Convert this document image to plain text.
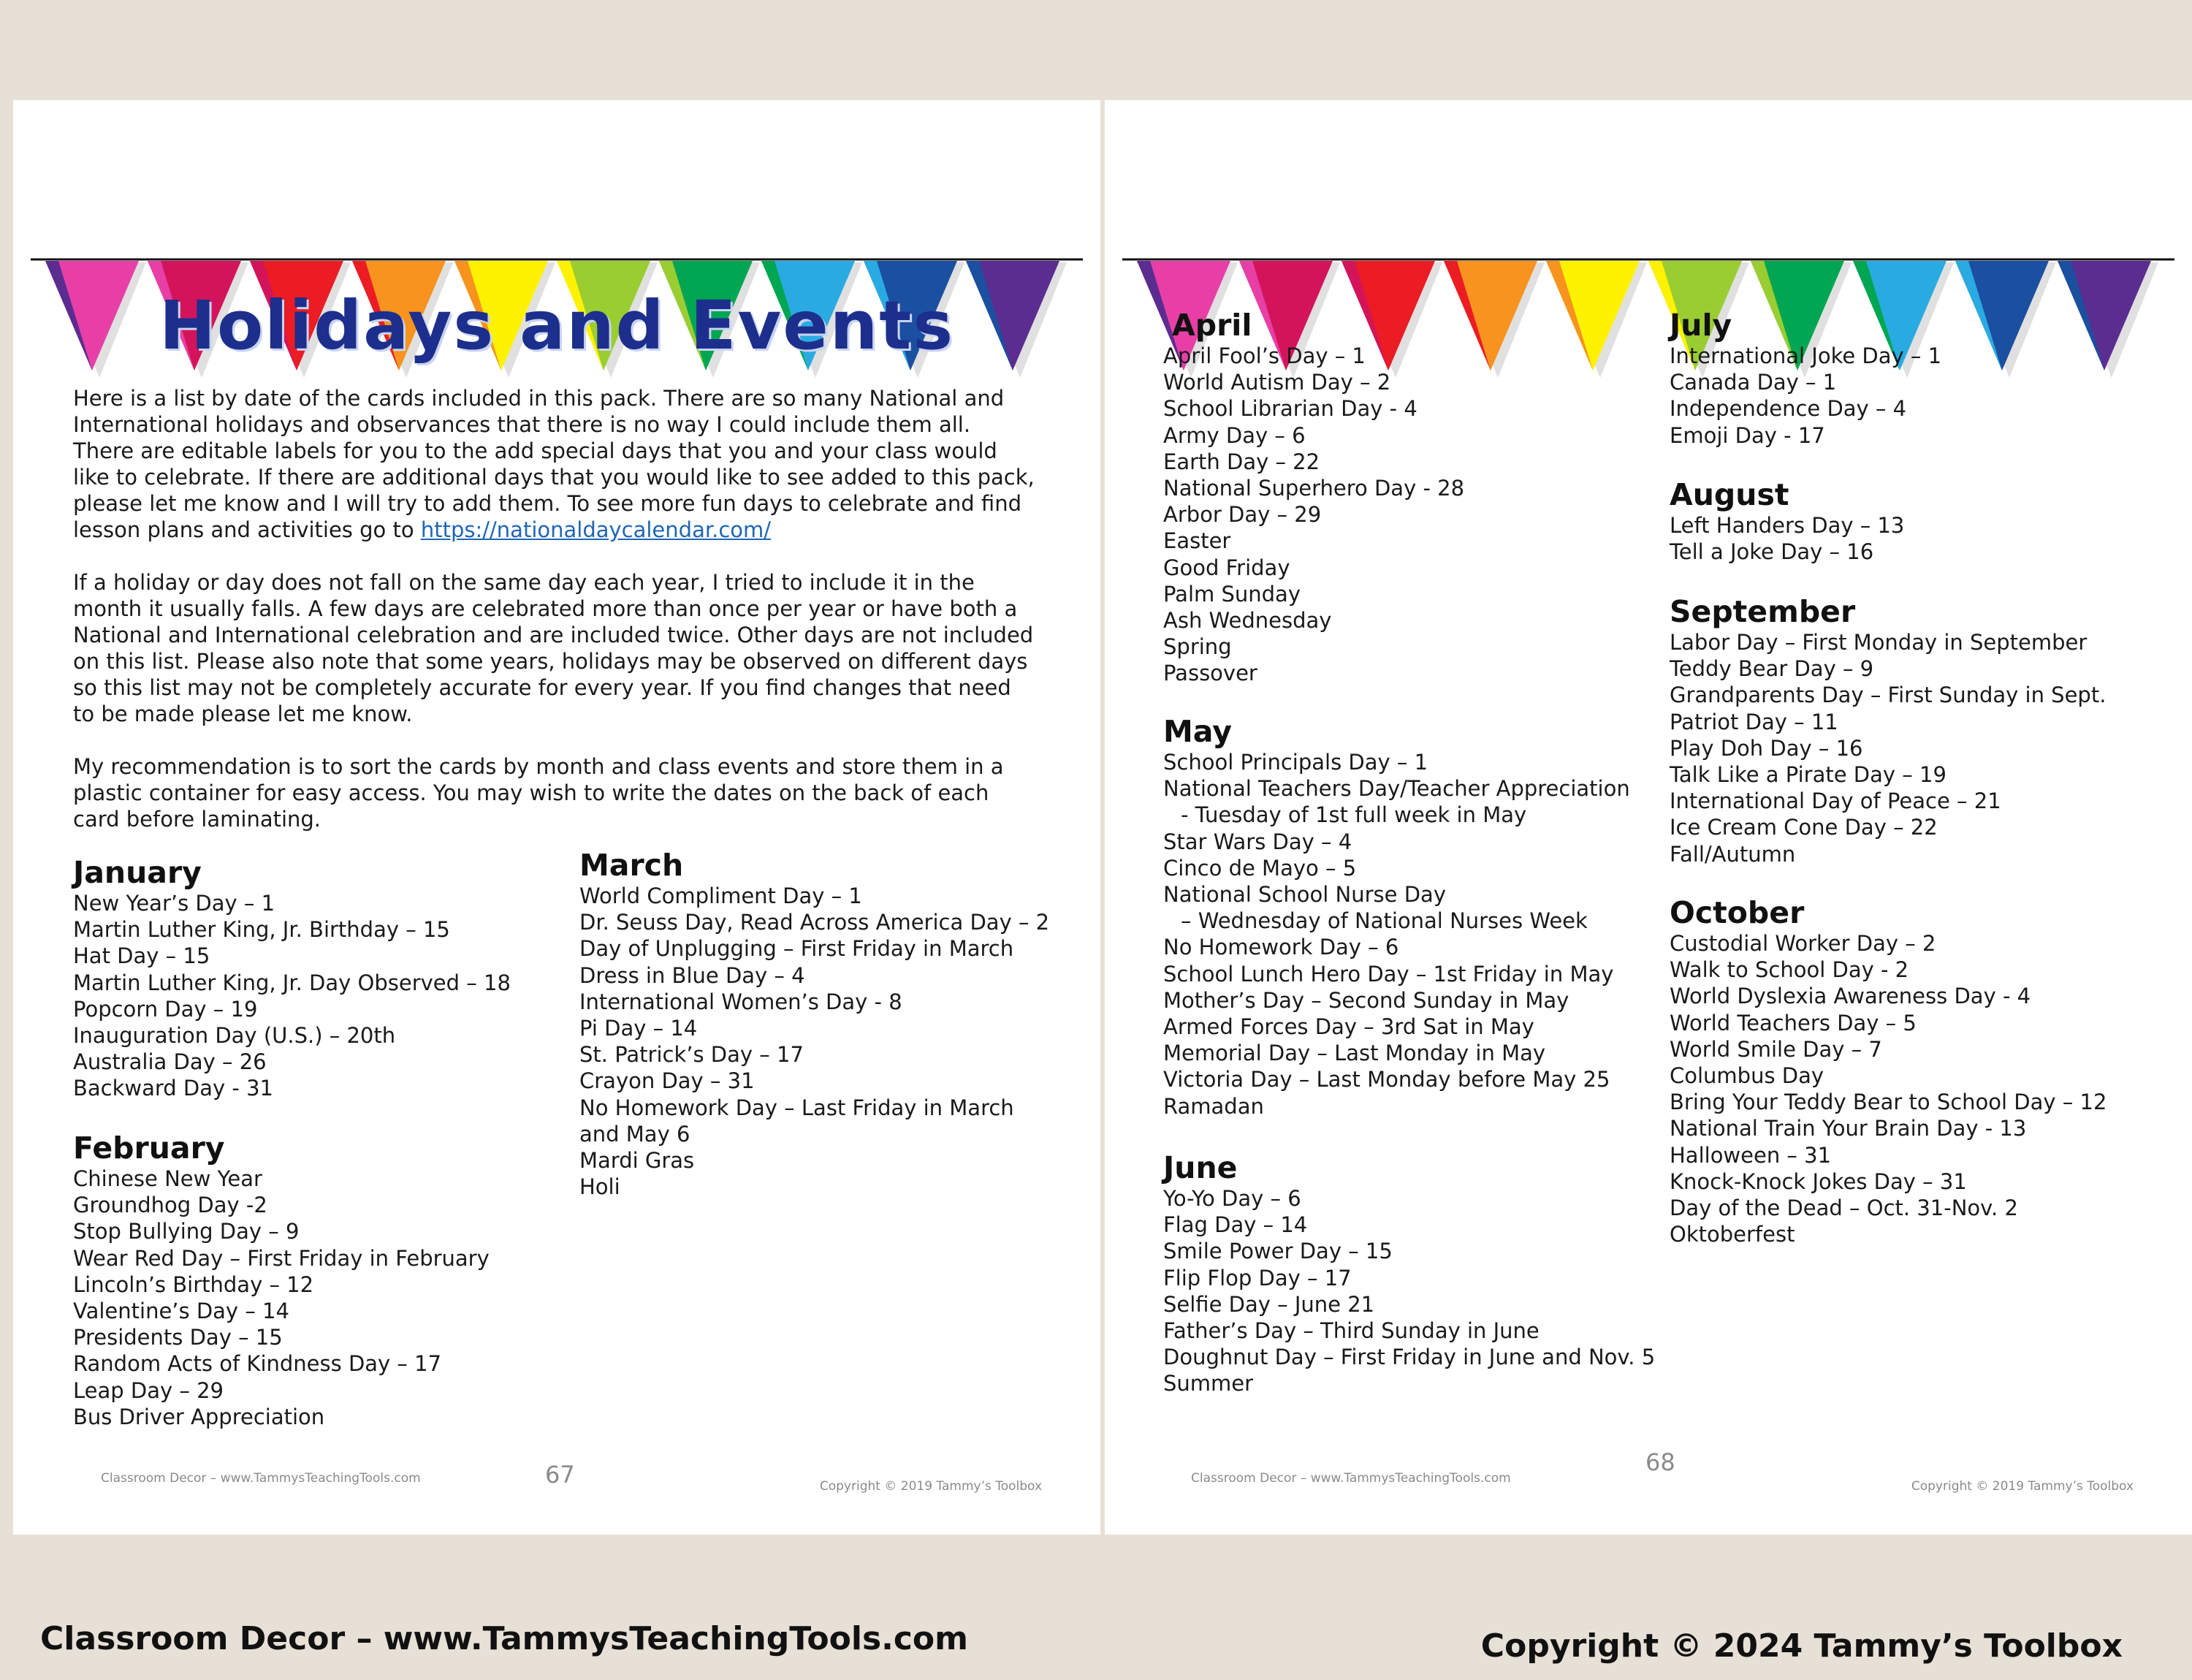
Holidays and Events

Here is a list by date of the cards included in this pack. There are so many National and International holidays and observances that there is no way I could include them all. There are editable labels for you to the add special days that you and your class would like to celebrate. If there are additional days that you would like to see added to this pack, please let me know and I will try to add them. To see more fun days to celebrate and find lesson plans and activities go to https://nationaldaycalendar.com/

If a holiday or day does not fall on the same day each year, I tried to include it in the month it usually falls. A few days are celebrated more than once per year or have both a National and International celebration and are included twice. Other days are not included on this list. Please also note that some years, holidays may be observed on different days so this list may not be completely accurate for every year. If you find changes that need to be made please let me know.

My recommendation is to sort the cards by month and class events and store them in a plastic container for easy access. You may wish to write the dates on the back of each card before laminating.

January
New Year’s Day – 1
Martin Luther King, Jr. Birthday – 15
Hat Day – 15
Martin Luther King, Jr. Day Observed – 18
Popcorn Day – 19
Inauguration Day (U.S.) – 20th
Australia Day – 26
Backward Day - 31
February
Chinese New Year
Groundhog Day -2
Stop Bullying Day – 9
Wear Red Day – First Friday in February
Lincoln’s Birthday – 12
Valentine’s Day – 14
Presidents Day – 15
Random Acts of Kindness Day – 17
Leap Day – 29
Bus Driver Appreciation
March
World Compliment Day – 1
Dr. Seuss Day, Read Across America Day – 2
Day of Unplugging – First Friday in March
Dress in Blue Day – 4
International Women’s Day - 8
Pi Day – 14
St. Patrick’s Day – 17
Crayon Day – 31
No Homework Day – Last Friday in March
and May 6
Mardi Gras
Holi
Classroom Decor – www.TammysTeachingTools.com	67	Copyright © 2019 Tammy’s Toolbox
April
April Fool’s Day – 1
World Autism Day – 2
School Librarian Day - 4
Army Day – 6
Earth Day – 22
National Superhero Day - 28
Arbor Day – 29
Easter
Good Friday
Palm Sunday
Ash Wednesday
Spring
Passover
May
School Principals Day – 1
National Teachers Day/Teacher Appreciation
- Tuesday of 1st full week in May
Star Wars Day – 4
Cinco de Mayo – 5
National School Nurse Day
– Wednesday of National Nurses Week
No Homework Day – 6
School Lunch Hero Day – 1st Friday in May
Mother’s Day – Second Sunday in May
Armed Forces Day – 3rd Sat in May
Memorial Day – Last Monday in May
Victoria Day – Last Monday before May 25
Ramadan
June
Yo-Yo Day – 6
Flag Day – 14
Smile Power Day – 15
Flip Flop Day – 17
Selfie Day – June 21
Father’s Day – Third Sunday in June
Doughnut Day – First Friday in June and Nov. 5
Summer
July
International Joke Day – 1
Canada Day – 1
Independence Day – 4
Emoji Day - 17
August
Left Handers Day – 13
Tell a Joke Day – 16
September
Labor Day – First Monday in September
Teddy Bear Day – 9
Grandparents Day – First Sunday in Sept.
Patriot Day – 11
Play Doh Day – 16
Talk Like a Pirate Day – 19
International Day of Peace – 21
Ice Cream Cone Day – 22
Fall/Autumn
October
Custodial Worker Day – 2
Walk to School Day - 2
World Dyslexia Awareness Day - 4
World Teachers Day – 5
World Smile Day – 7
Columbus Day
Bring Your Teddy Bear to School Day – 12
National Train Your Brain Day - 13
Halloween – 31
Knock-Knock Jokes Day – 31
Day of the Dead – Oct. 31-Nov. 2
Oktoberfest
Classroom Decor – www.TammysTeachingTools.com
68
Copyright © 2019 Tammy’s Toolbox
Classroom Decor – www.TammysTeachingTools.com	Copyright © 2024 Tammy’s Toolbox
